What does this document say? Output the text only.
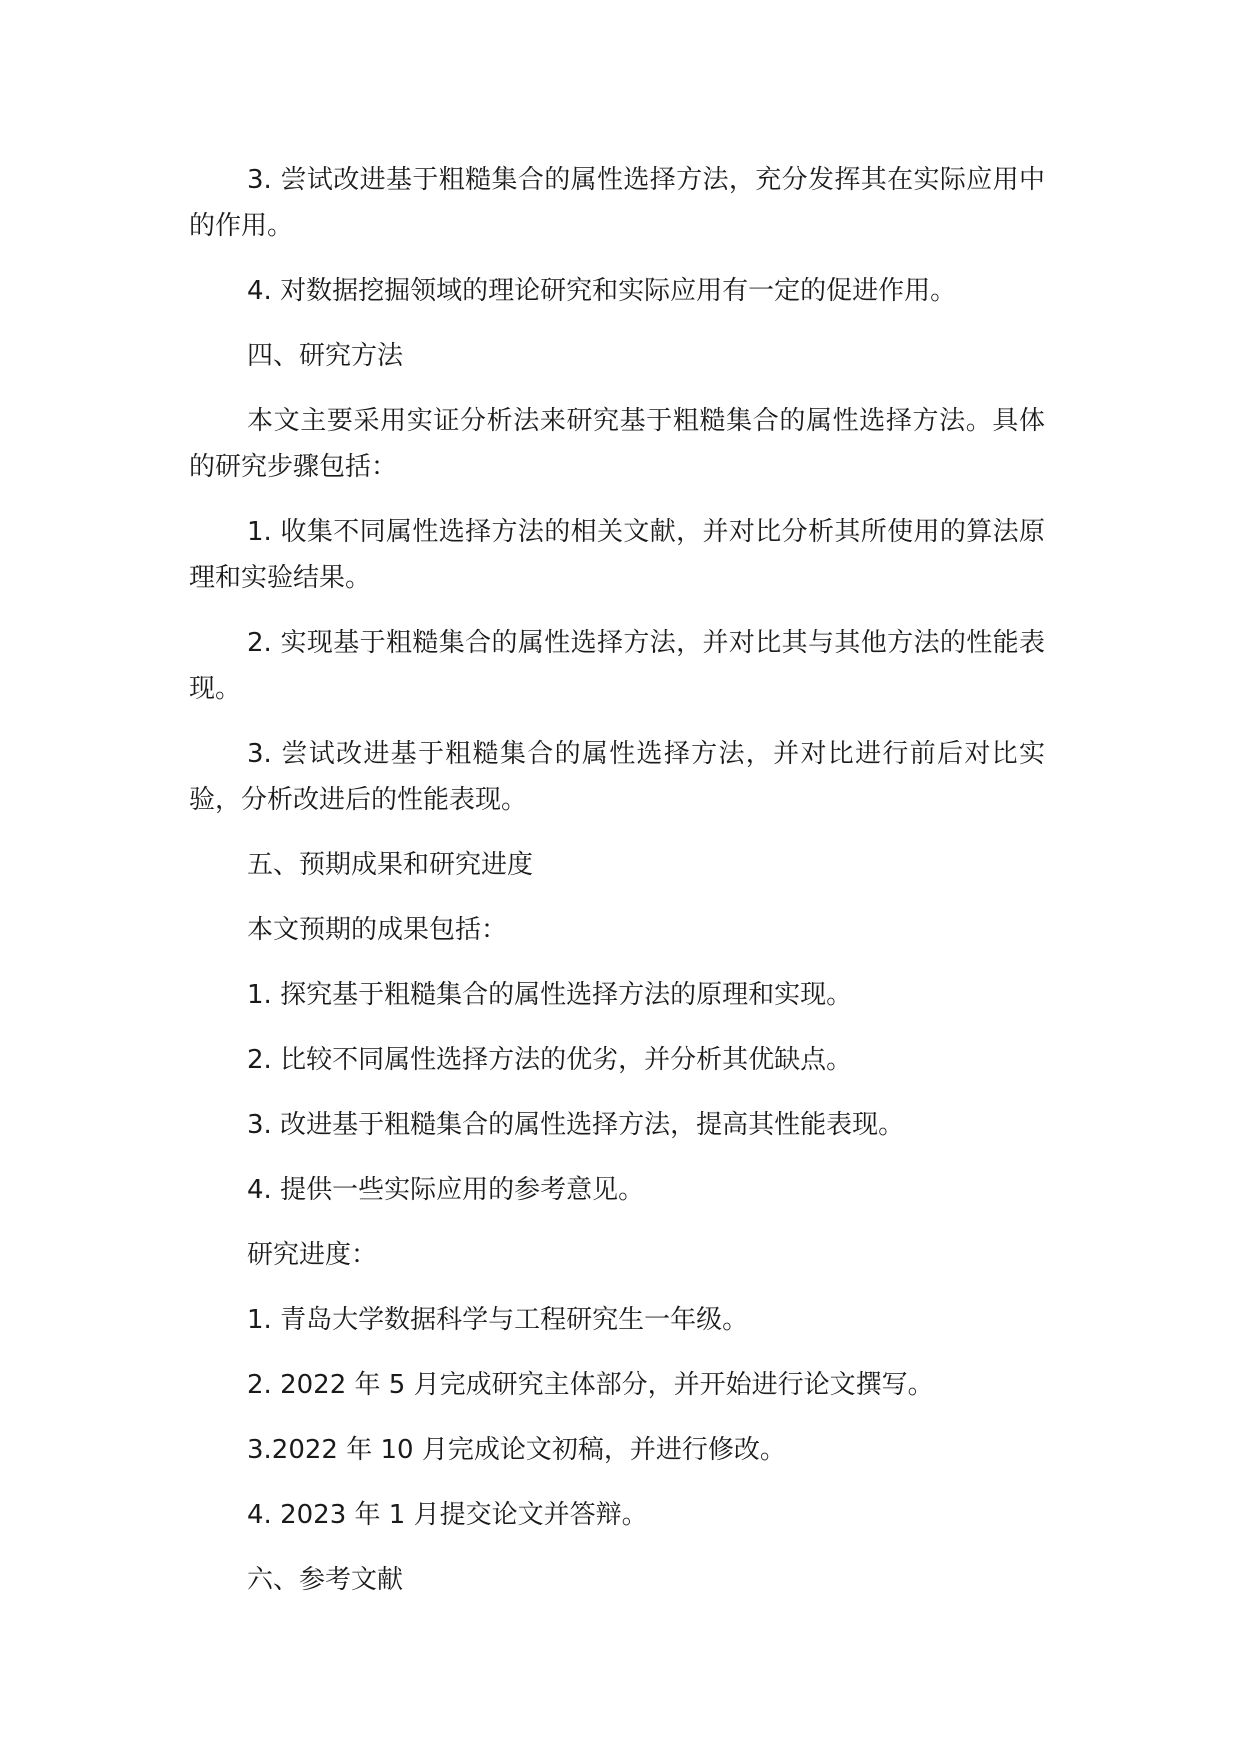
3. 尝试改进基于粗糙集合的属性选择方法，充分发挥其在实际应用中的作用。

4. 对数据挖掘领域的理论研究和实际应用有一定的促进作用。

四、研究方法

本文主要采用实证分析法来研究基于粗糙集合的属性选择方法。具体的研究步骤包括：

1. 收集不同属性选择方法的相关文献，并对比分析其所使用的算法原理和实验结果。

2. 实现基于粗糙集合的属性选择方法，并对比其与其他方法的性能表现。

3. 尝试改进基于粗糙集合的属性选择方法，并对比进行前后对比实验，分析改进后的性能表现。

五、预期成果和研究进度

本文预期的成果包括：

1. 探究基于粗糙集合的属性选择方法的原理和实现。

2. 比较不同属性选择方法的优劣，并分析其优缺点。

3. 改进基于粗糙集合的属性选择方法，提高其性能表现。

4. 提供一些实际应用的参考意见。

研究进度：

1. 青岛大学数据科学与工程研究生一年级。

2. 2022 年 5 月完成研究主体部分，并开始进行论文撰写。

3.2022 年 10 月完成论文初稿，并进行修改。

4. 2023 年 1 月提交论文并答辩。

六、参考文献
